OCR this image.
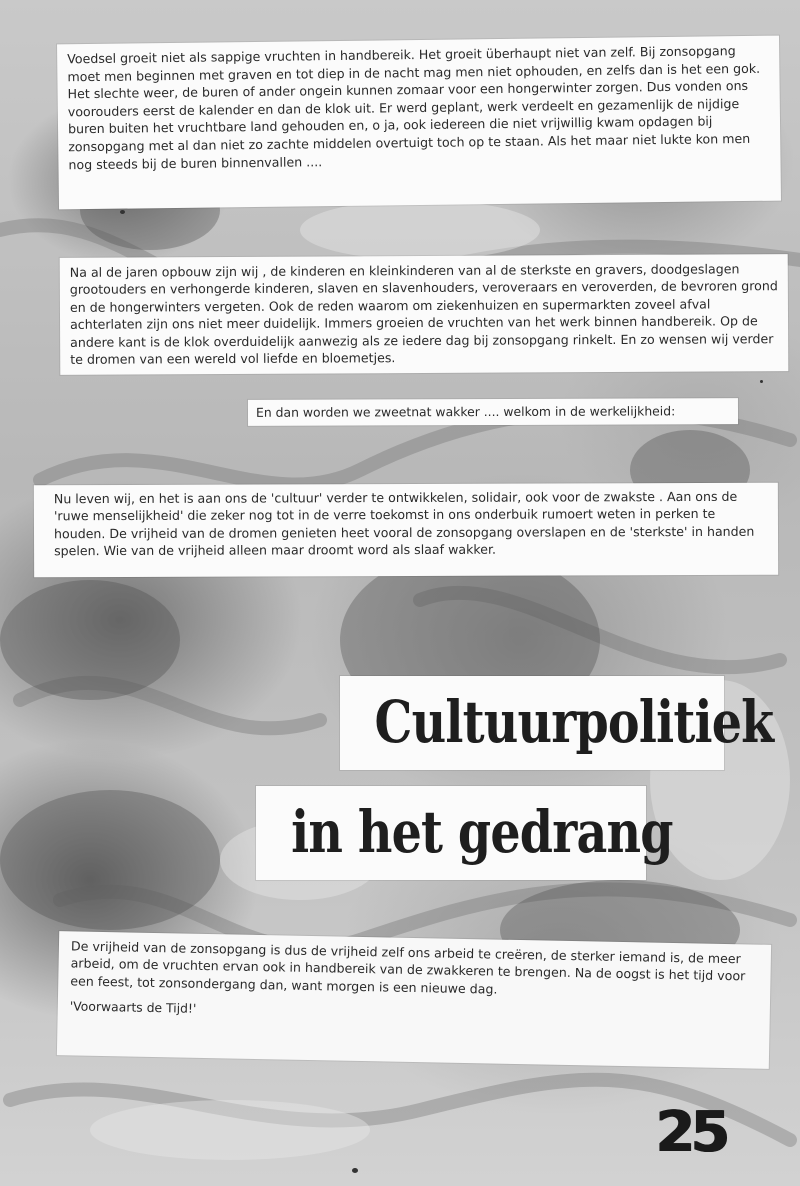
Voedsel groeit niet als sappige vruchten in handbereik. Het groeit überhaupt niet van zelf. Bij zonsopgang moet men beginnen met graven en tot diep in de nacht mag men niet ophouden, en zelfs dan is het een gok. Het slechte weer, de buren of ander ongein kunnen zomaar voor een hongerwinter zorgen. Dus vonden ons voorouders eerst de kalender en dan de klok uit. Er werd geplant, werk verdeelt en gezamenlijk de nijdige buren buiten het vruchtbare land gehouden en, o ja, ook iedereen die niet vrijwillig kwam opdagen bij zonsopgang met al dan niet zo zachte middelen overtuigt toch op te staan. Als het maar niet lukte kon men nog steeds bij de buren binnenvallen ....

Na al de jaren opbouw zijn wij , de kinderen en kleinkinderen van al de sterkste en gravers, doodgeslagen grootouders en verhongerde kinderen, slaven en slavenhouders, veroveraars en veroverden, de bevroren grond en de hongerwinters vergeten. Ook de reden waarom om ziekenhuizen en supermarkten zoveel afval achterlaten zijn ons niet meer duidelijk. Immers groeien de vruchten van het werk binnen handbereik. Op de andere kant is de klok overduidelijk aanwezig als ze iedere dag bij zonsopgang rinkelt. En zo wensen wij verder te dromen van een wereld vol liefde en bloemetjes.

En dan worden we zweetnat wakker .... welkom in de werkelijkheid:

Nu leven wij, en het is aan ons de 'cultuur' verder te ontwikkelen, solidair, ook voor de zwakste . Aan ons de 'ruwe menselijkheid' die zeker nog tot in de verre toekomst in ons onderbuik rumoert weten in perken te houden. De vrijheid van de dromen genieten heet vooral de zonsopgang overslapen en de 'sterkste' in handen spelen. Wie van de vrijheid alleen maar droomt word als slaaf wakker.

Cultuurpolitiek
in het gedrang

De vrijheid van de zonsopgang is dus de vrijheid zelf ons arbeid te creëren, de sterker iemand is, de meer arbeid, om de vruchten ervan ook in handbereik van de zwakkeren te brengen. Na de oogst is het tijd voor een feest, tot zonsondergang dan, want morgen is een nieuwe dag.

'Voorwaarts de Tijd!'

25
